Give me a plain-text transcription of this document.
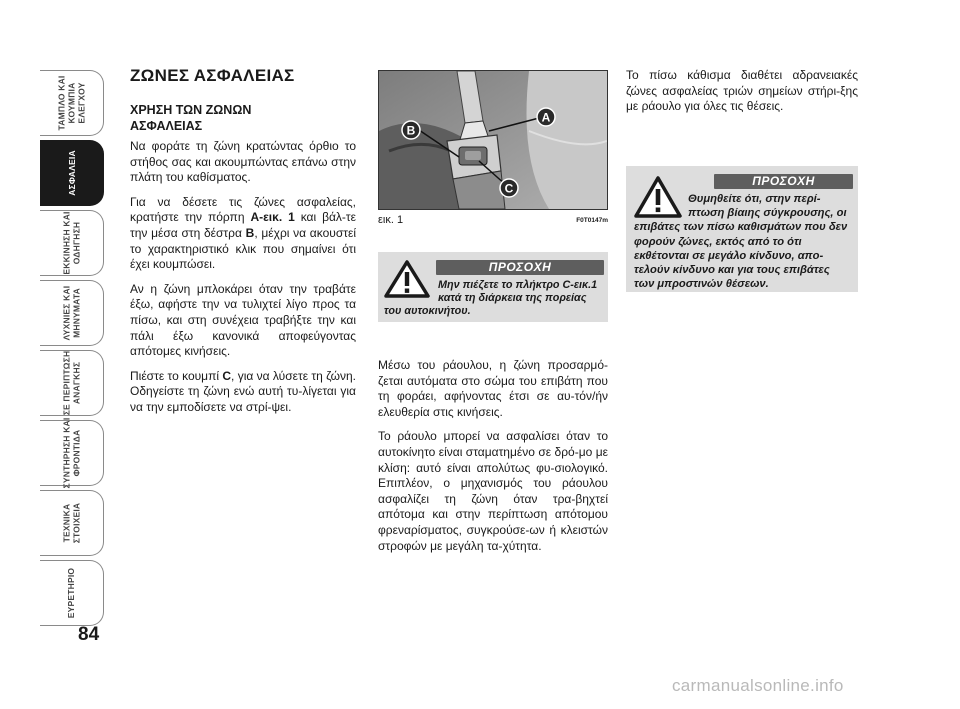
ΤΑΜΠΛΟ ΚΑΙ
ΚΟΥΜΠΙΑ
ΕΛΕΓΧΟΥ
ΑΣΦΑΛΕΙΑ
ΕΚΚΙΝΗΣΗ ΚΑΙ
ΟΔΗΓΗΣΗ
ΛΥΧΝΙΕΣ ΚΑΙ
ΜΗΝΥΜΑΤΑ
ΣΕ ΠΕΡΙΠΤΩΣΗ
ΑΝΑΓΚΗΣ
ΣΥΝΤΗΡΗΣΗ ΚΑΙ
ΦΡΟΝΤΙΔΑ
ΤΕΧΝΙΚΑ
ΣΤΟΙΧΕΙΑ
ΕΥΡΕΤΗΡΙΟ
84
ΖΩΝΕΣ ΑΣΦΑΛΕΙΑΣ
ΧΡΗΣΗ ΤΩΝ ΖΩΝΩΝ
ΑΣΦΑΛΕΙΑΣ

Να φοράτε τη ζώνη κρατώντας όρθιο το στήθος σας και ακουμπώντας επάνω στην πλάτη του καθίσματος.

Για να δέσετε τις ζώνες ασφαλείας, κρατήστε την πόρπη A-εικ. 1 και βάλ-τε την μέσα στη δέστρα B, μέχρι να ακουστεί το χαρακτηριστικό κλικ που σημαίνει ότι έχει κουμπώσει.

Αν η ζώνη μπλοκάρει όταν την τραβάτε έξω, αφήστε την να τυλιχτεί λίγο προς τα πίσω, και στη συνέχεια τραβήξτε την και πάλι έξω κανονικά αποφεύγοντας απότομες κινήσεις.

Πιέστε το κουμπί C, για να λύσετε τη ζώνη. Οδηγείστε τη ζώνη ενώ αυτή τυ-λίγεται για να την εμποδίσετε να στρί-ψει.

B
A
C
εικ. 1	F0T0147m
ΠΡΟΣΟΧΗ
Μην πιέζετε το πλήκτρο C-εικ.1
κατά τη διάρκεια της πορείας
του αυτοκινήτου.

Μέσω του ράουλου, η ζώνη προσαρμό-ζεται αυτόματα στο σώμα του επιβάτη που τη φοράει, αφήνοντας έτσι σε αυ-τόν/ήν ελευθερία στις κινήσεις.

Το ράουλο μπορεί να ασφαλίσει όταν το αυτοκίνητο είναι σταματημένο σε δρό-μο με κλίση: αυτό είναι απολύτως φυ-σιολογικό. Επιπλέον, ο μηχανισμός του ράουλου ασφαλίζει τη ζώνη όταν τρα-βηχτεί απότομα και στην περίπτωση απότομου φρεναρίσματος, συγκρούσε-ων ή κλειστών στροφών με μεγάλη τα-χύτητα.

Το πίσω κάθισμα διαθέτει αδρανειακές ζώνες ασφαλείας τριών σημείων στήρι-ξης με ράουλο για όλες τις θέσεις.

ΠΡΟΣΟΧΗ
Θυμηθείτε ότι, στην περί-
πτωση βίαιης σύγκρουσης, οι
επιβάτες των πίσω καθισμάτων που δεν φορούν ζώνες, εκτός από το ότι εκθέτονται σε μεγάλο κίνδυνο, απο-τελούν κίνδυνο και για τους επιβάτες των μπροστινών θέσεων.
carmanualsonline.info
